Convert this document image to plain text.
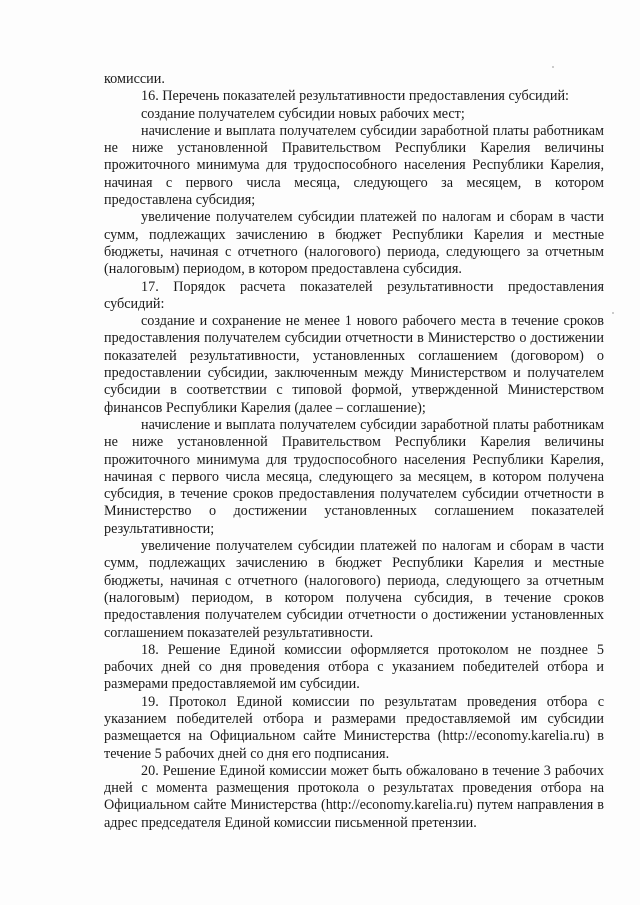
комиссии.

16. Перечень показателей результативности предоставления субсидий:

создание получателем субсидии новых рабочих мест;

начисление и выплата получателем субсидии заработной платы работникам не ниже установленной Правительством Республики Карелия величины прожиточного минимума для трудоспособного населения Республики Карелия, начиная с первого числа месяца, следующего за месяцем, в котором предоставлена субсидия;

увеличение получателем субсидии платежей по налогам и сборам в части сумм, подлежащих зачислению в бюджет Республики Карелия и местные бюджеты, начиная с отчетного (налогового) периода, следующего за отчетным (налоговым) периодом, в котором предоставлена субсидия.

17. Порядок расчета показателей результативности предоставления субсидий:

создание и сохранение не менее 1 нового рабочего места в течение сроков предоставления получателем субсидии отчетности в Министерство о достижении показателей результативности, установленных соглашением (договором) о предоставлении субсидии, заключенным между Министерством и получателем субсидии в соответствии с типовой формой, утвержденной Министерством финансов Республики Карелия (далее – соглашение);

начисление и выплата получателем субсидии заработной платы работникам не ниже установленной Правительством Республики Карелия величины прожиточного минимума для трудоспособного населения Республики Карелия, начиная с первого числа месяца, следующего за месяцем, в котором получена субсидия, в течение сроков предоставления получателем субсидии отчетности в Министерство о достижении установленных соглашением показателей результативности;

увеличение получателем субсидии платежей по налогам и сборам в части сумм, подлежащих зачислению в бюджет Республики Карелия и местные бюджеты, начиная с отчетного (налогового) периода, следующего за отчетным (налоговым) периодом, в котором получена субсидия, в течение сроков предоставления получателем субсидии отчетности о достижении установленных соглашением показателей результативности.

18. Решение Единой комиссии оформляется протоколом не позднее 5 рабочих дней со дня проведения отбора с указанием победителей отбора и размерами предоставляемой им субсидии.

19. Протокол Единой комиссии по результатам проведения отбора с указанием победителей отбора и размерами предоставляемой им субсидии размещается на Официальном сайте Министерства (http://economy.karelia.ru) в течение 5 рабочих дней со дня его подписания.

20. Решение Единой комиссии может быть обжаловано в течение 3 рабочих дней с момента размещения протокола о результатах проведения отбора на Официальном сайте Министерства (http://economy.karelia.ru) путем направления в адрес председателя Единой комиссии письменной претензии.
